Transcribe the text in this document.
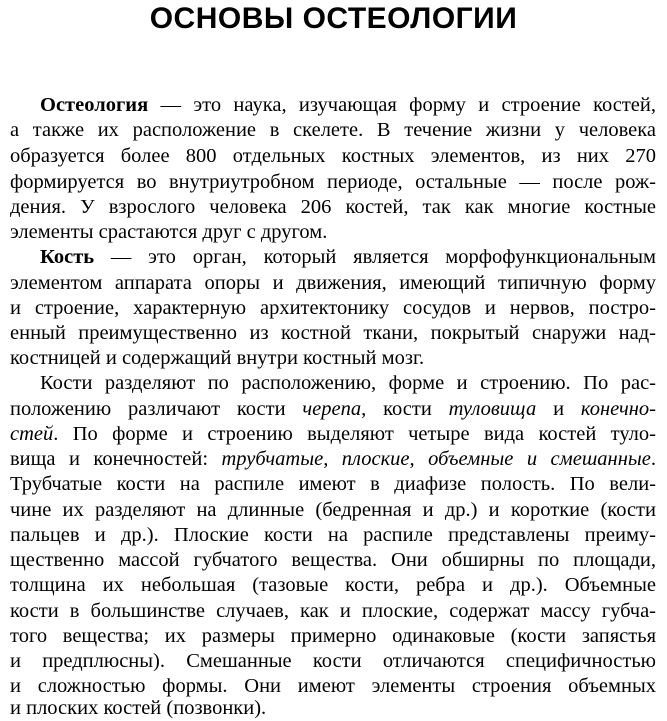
ОСНОВЫ ОСТЕОЛОГИИ
Остеология — это наука, изучающая форму и строение костей,
а также их расположение в скелете. В течение жизни у человека
образуется более 800 отдельных костных элементов, из них 270
формируется во внутриутробном периоде, остальные — после рож-
дения. У взрослого человека 206 костей, так как многие костные
элементы срастаются друг с другом.
Кость — это орган, который является морфофункциональным
элементом аппарата опоры и движения, имеющий типичную форму
и строение, характерную архитектонику сосудов и нервов, постро-
енный преимущественно из костной ткани, покрытый снаружи над-
костницей и содержащий внутри костный мозг.
Кости разделяют по расположению, форме и строению. По рас-
положению различают кости черепа, кости туловища и конечно-
стей. По форме и строению выделяют четыре вида костей туло-
вища и конечностей: трубчатые, плоские, объемные и смешанные.
Трубчатые кости на распиле имеют в диафизе полость. По вели-
чине их разделяют на длинные (бедренная и др.) и короткие (кости
пальцев и др.). Плоские кости на распиле представлены преиму-
щественно массой губчатого вещества. Они обширны по площади,
толщина их небольшая (тазовые кости, ребра и др.). Объемные
кости в большинстве случаев, как и плоские, содержат массу губча-
того вещества; их размеры примерно одинаковые (кости запястья
и предплюсны). Смешанные кости отличаются специфичностью
и сложностью формы. Они имеют элементы строения объемных
и плоских костей (позвонки).
